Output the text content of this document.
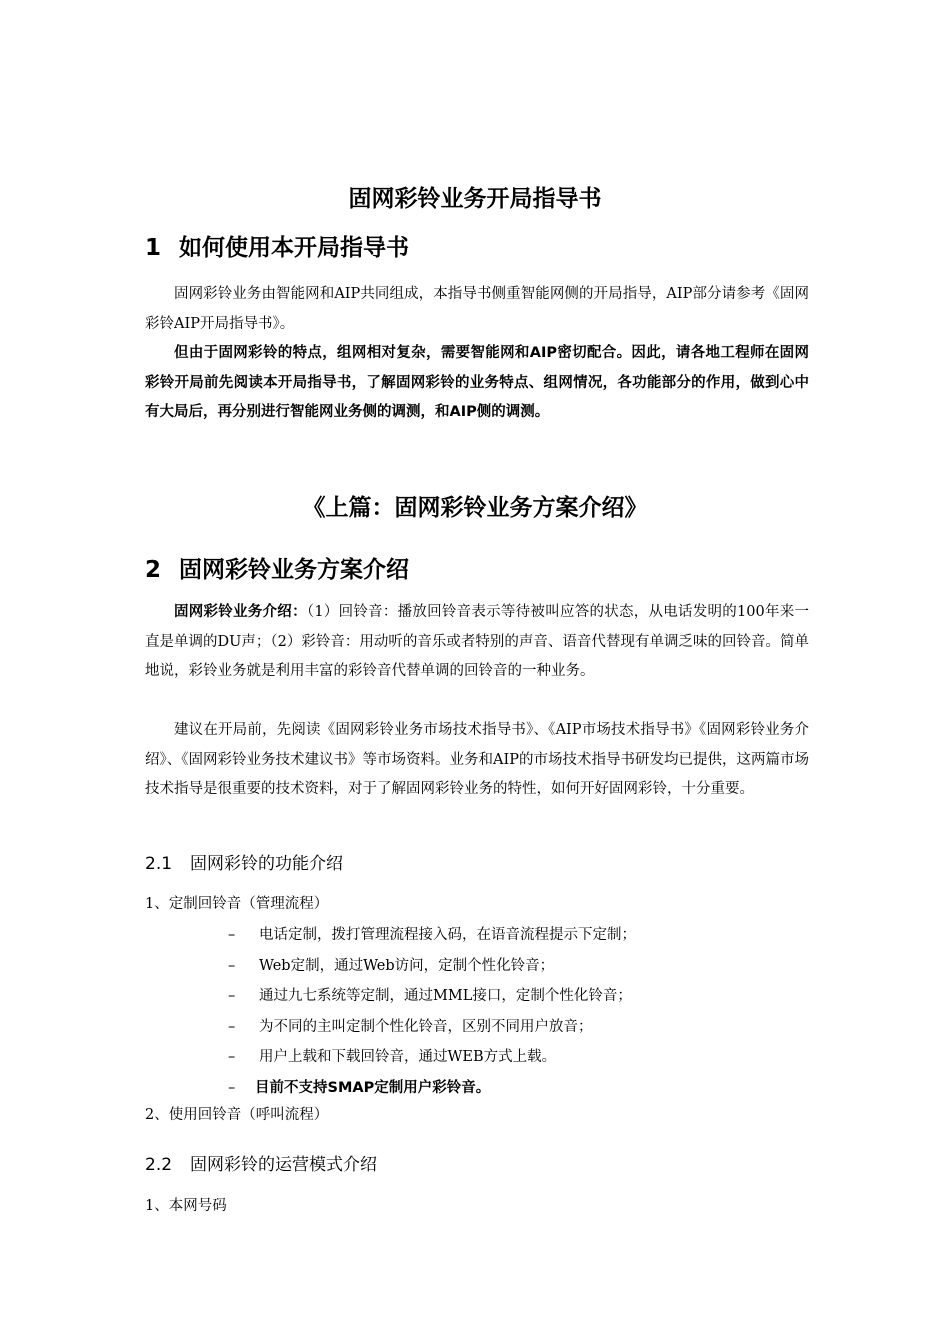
固网彩铃业务开局指导书
1 如何使用本开局指导书

固网彩铃业务由智能网和AIP共同组成，本指导书侧重智能网侧的开局指导，AIP部分请参考《固网彩铃AIP开局指导书》。

但由于固网彩铃的特点，组网相对复杂，需要智能网和AIP密切配合。因此，请各地工程师在固网彩铃开局前先阅读本开局指导书，了解固网彩铃的业务特点、组网情况，各功能部分的作用，做到心中有大局后，再分别进行智能网业务侧的调测，和AIP侧的调测。

《上篇：固网彩铃业务方案介绍》
2 固网彩铃业务方案介绍

固网彩铃业务介绍：（1）回铃音：播放回铃音表示等待被叫应答的状态，从电话发明的100年来一直是单调的DU声；（2）彩铃音：用动听的音乐或者特别的声音、语音代替现有单调乏味的回铃音。简单地说，彩铃业务就是利用丰富的彩铃音代替单调的回铃音的一种业务。

建议在开局前，先阅读《固网彩铃业务市场技术指导书》、《AIP市场技术指导书》《固网彩铃业务介绍》、《固网彩铃业务技术建议书》等市场资料。业务和AIP的市场技术指导书研发均已提供，这两篇市场技术指导是很重要的技术资料，对于了解固网彩铃业务的特性，如何开好固网彩铃，十分重要。

2.1 固网彩铃的功能介绍
1、定制回铃音（管理流程）
– 电话定制，拨打管理流程接入码，在语音流程提示下定制；
– Web定制，通过Web访问，定制个性化铃音；
– 通过九七系统等定制，通过MML接口，定制个性化铃音；
– 为不同的主叫定制个性化铃音，区别不同用户放音；
– 用户上载和下载回铃音，通过WEB方式上载。
– 目前不支持SMAP定制用户彩铃音。
2、使用回铃音（呼叫流程）
2.2 固网彩铃的运营模式介绍
1、本网号码
